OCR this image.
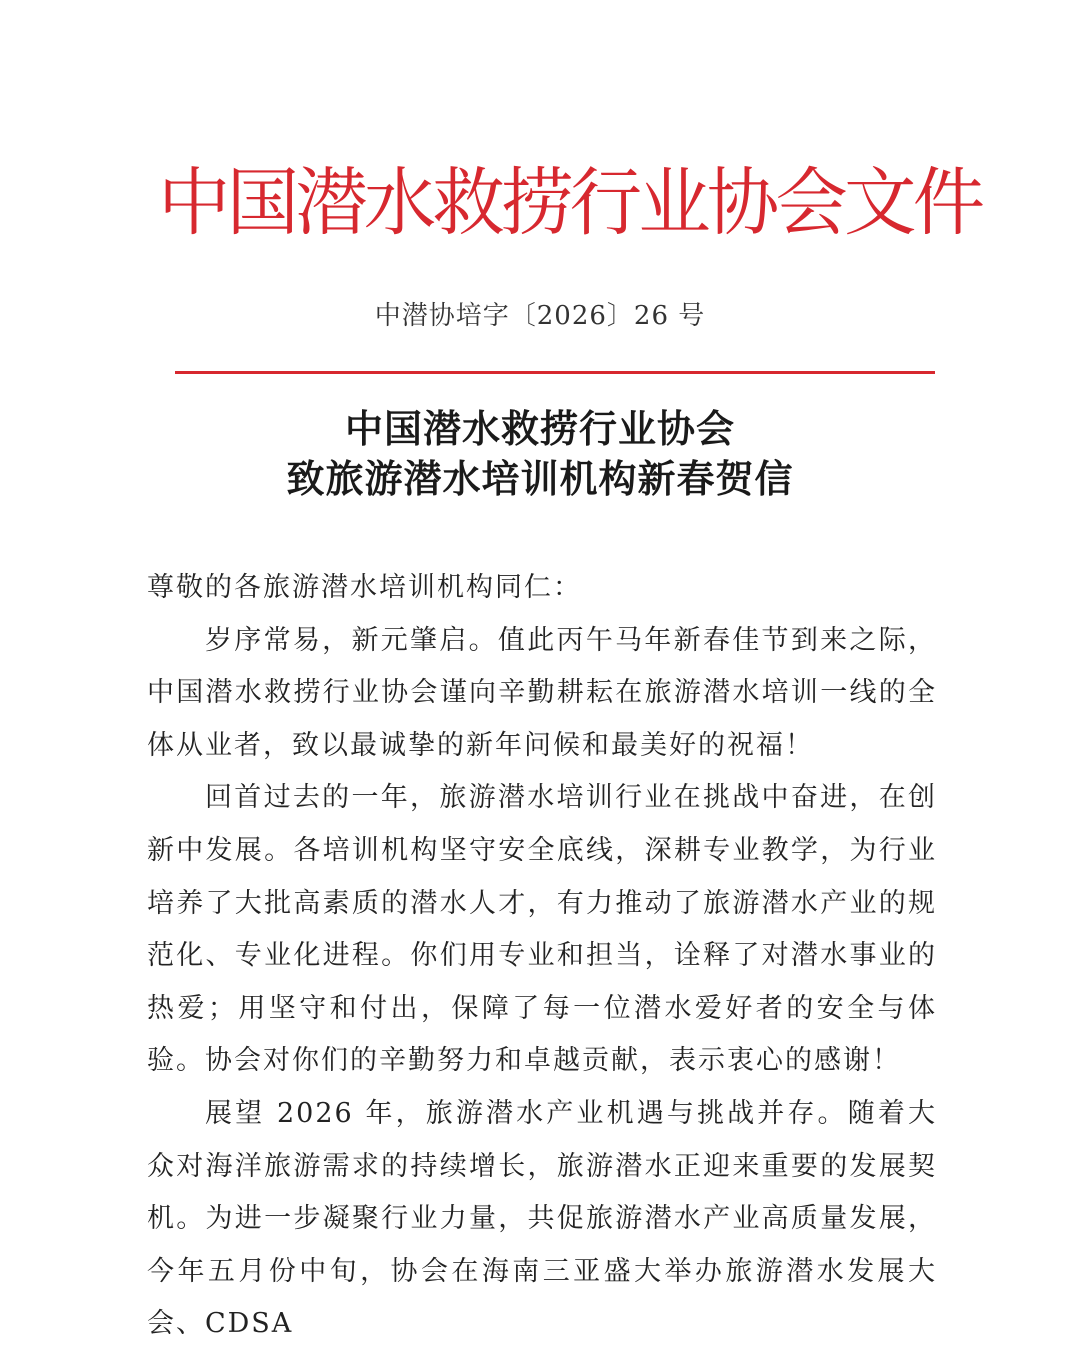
中国潜水救捞行业协会文件
中潜协培字〔2026〕26 号
中国潜水救捞行业协会
致旅游潜水培训机构新春贺信

尊敬的各旅游潜水培训机构同仁：

岁序常易，新元肇启。值此丙午马年新春佳节到来之际，中国潜水救捞行业协会谨向辛勤耕耘在旅游潜水培训一线的全体从业者，致以最诚挚的新年问候和最美好的祝福！

回首过去的一年，旅游潜水培训行业在挑战中奋进，在创新中发展。各培训机构坚守安全底线，深耕专业教学，为行业培养了大批高素质的潜水人才，有力推动了旅游潜水产业的规范化、专业化进程。你们用专业和担当，诠释了对潜水事业的热爱；用坚守和付出，保障了每一位潜水爱好者的安全与体验。协会对你们的辛勤努力和卓越贡献，表示衷心的感谢！

展望 2026 年，旅游潜水产业机遇与挑战并存。随着大众对海洋旅游需求的持续增长，旅游潜水正迎来重要的发展契机。为进一步凝聚行业力量，共促旅游潜水产业高质量发展，今年五月份中旬，协会在海南三亚盛大举办旅游潜水发展大会、CDSA
